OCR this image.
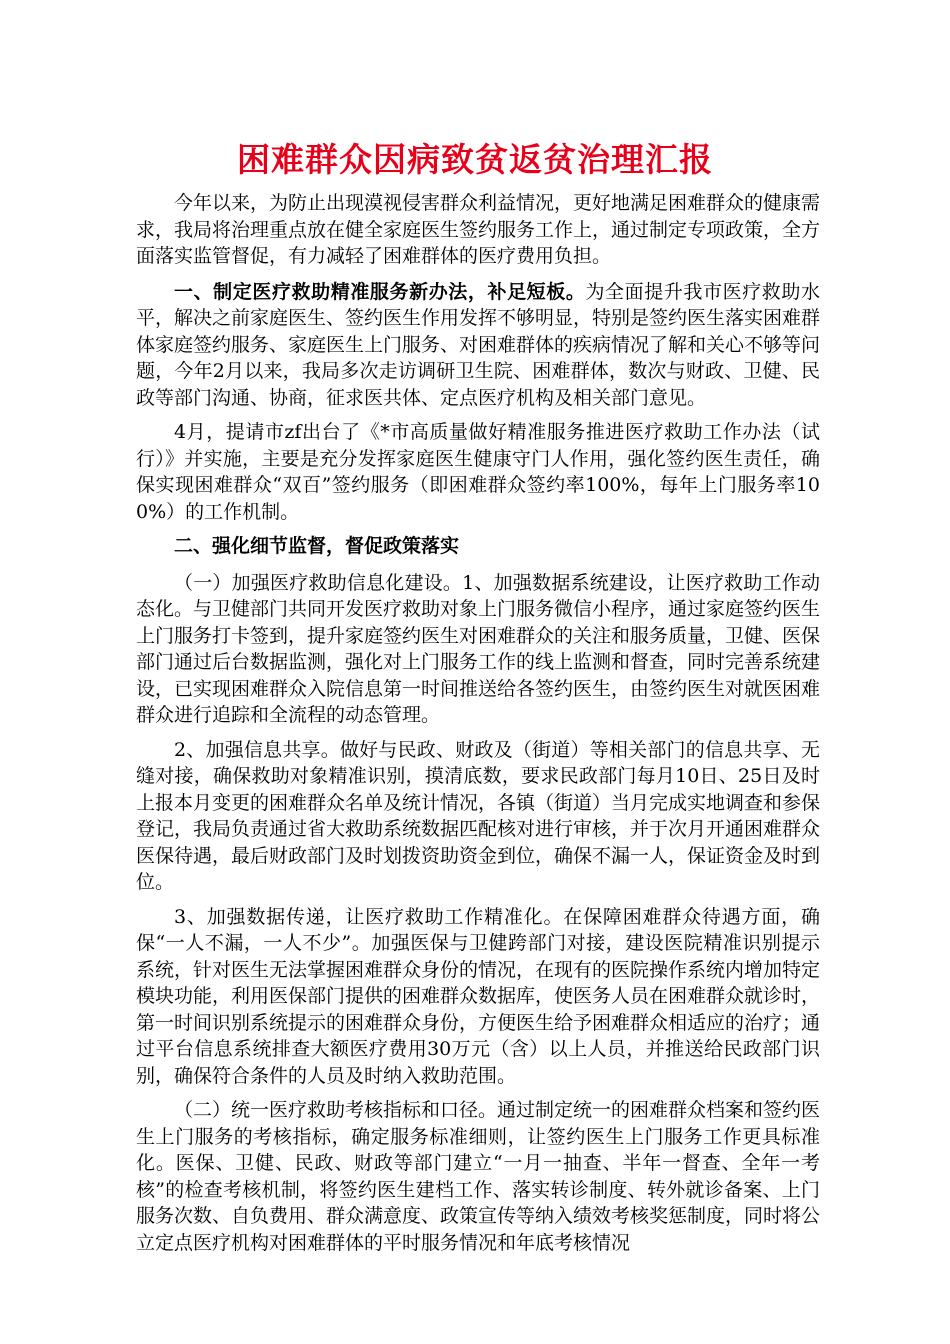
困难群众因病致贫返贫治理汇报

今年以来，为防止出现漠视侵害群众利益情况，更好地满足困难群众的健康需求，我局将治理重点放在健全家庭医生签约服务工作上，通过制定专项政策，全方面落实监管督促，有力减轻了困难群体的医疗费用负担。

一、制定医疗救助精准服务新办法，补足短板。为全面提升我市医疗救助水平，解决之前家庭医生、签约医生作用发挥不够明显，特别是签约医生落实困难群体家庭签约服务、家庭医生上门服务、对困难群体的疾病情况了解和关心不够等问题，今年2月以来，我局多次走访调研卫生院、困难群体，数次与财政、卫健、民政等部门沟通、协商，征求医共体、定点医疗机构及相关部门意见。

4月，提请市zf出台了《*市高质量做好精准服务推进医疗救助工作办法（试行）》并实施，主要是充分发挥家庭医生健康守门人作用，强化签约医生责任，确保实现困难群众“双百”签约服务（即困难群众签约率100%，每年上门服务率100%）的工作机制。

二、强化细节监督，督促政策落实

（一）加强医疗救助信息化建设。1、加强数据系统建设，让医疗救助工作动态化。与卫健部门共同开发医疗救助对象上门服务微信小程序，通过家庭签约医生上门服务打卡签到，提升家庭签约医生对困难群众的关注和服务质量，卫健、医保部门通过后台数据监测，强化对上门服务工作的线上监测和督查，同时完善系统建设，已实现困难群众入院信息第一时间推送给各签约医生，由签约医生对就医困难群众进行追踪和全流程的动态管理。

2、加强信息共享。做好与民政、财政及（街道）等相关部门的信息共享、无缝对接，确保救助对象精准识别，摸清底数，要求民政部门每月10日、25日及时上报本月变更的困难群众名单及统计情况，各镇（街道）当月完成实地调查和参保登记，我局负责通过省大救助系统数据匹配核对进行审核，并于次月开通困难群众医保待遇，最后财政部门及时划拨资助资金到位，确保不漏一人，保证资金及时到位。

3、加强数据传递，让医疗救助工作精准化。在保障困难群众待遇方面，确保“一人不漏，一人不少”。加强医保与卫健跨部门对接，建设医院精准识别提示系统，针对医生无法掌握困难群众身份的情况，在现有的医院操作系统内增加特定模块功能，利用医保部门提供的困难群众数据库，使医务人员在困难群众就诊时，第一时间识别系统提示的困难群众身份，方便医生给予困难群众相适应的治疗；通过平台信息系统排查大额医疗费用30万元（含）以上人员，并推送给民政部门识别，确保符合条件的人员及时纳入救助范围。

（二）统一医疗救助考核指标和口径。通过制定统一的困难群众档案和签约医生上门服务的考核指标，确定服务标准细则，让签约医生上门服务工作更具标准化。医保、卫健、民政、财政等部门建立“一月一抽查、半年一督查、全年一考核”的检查考核机制，将签约医生建档工作、落实转诊制度、转外就诊备案、上门服务次数、自负费用、群众满意度、政策宣传等纳入绩效考核奖惩制度，同时将公立定点医疗机构对困难群体的平时服务情况和年底考核情况
